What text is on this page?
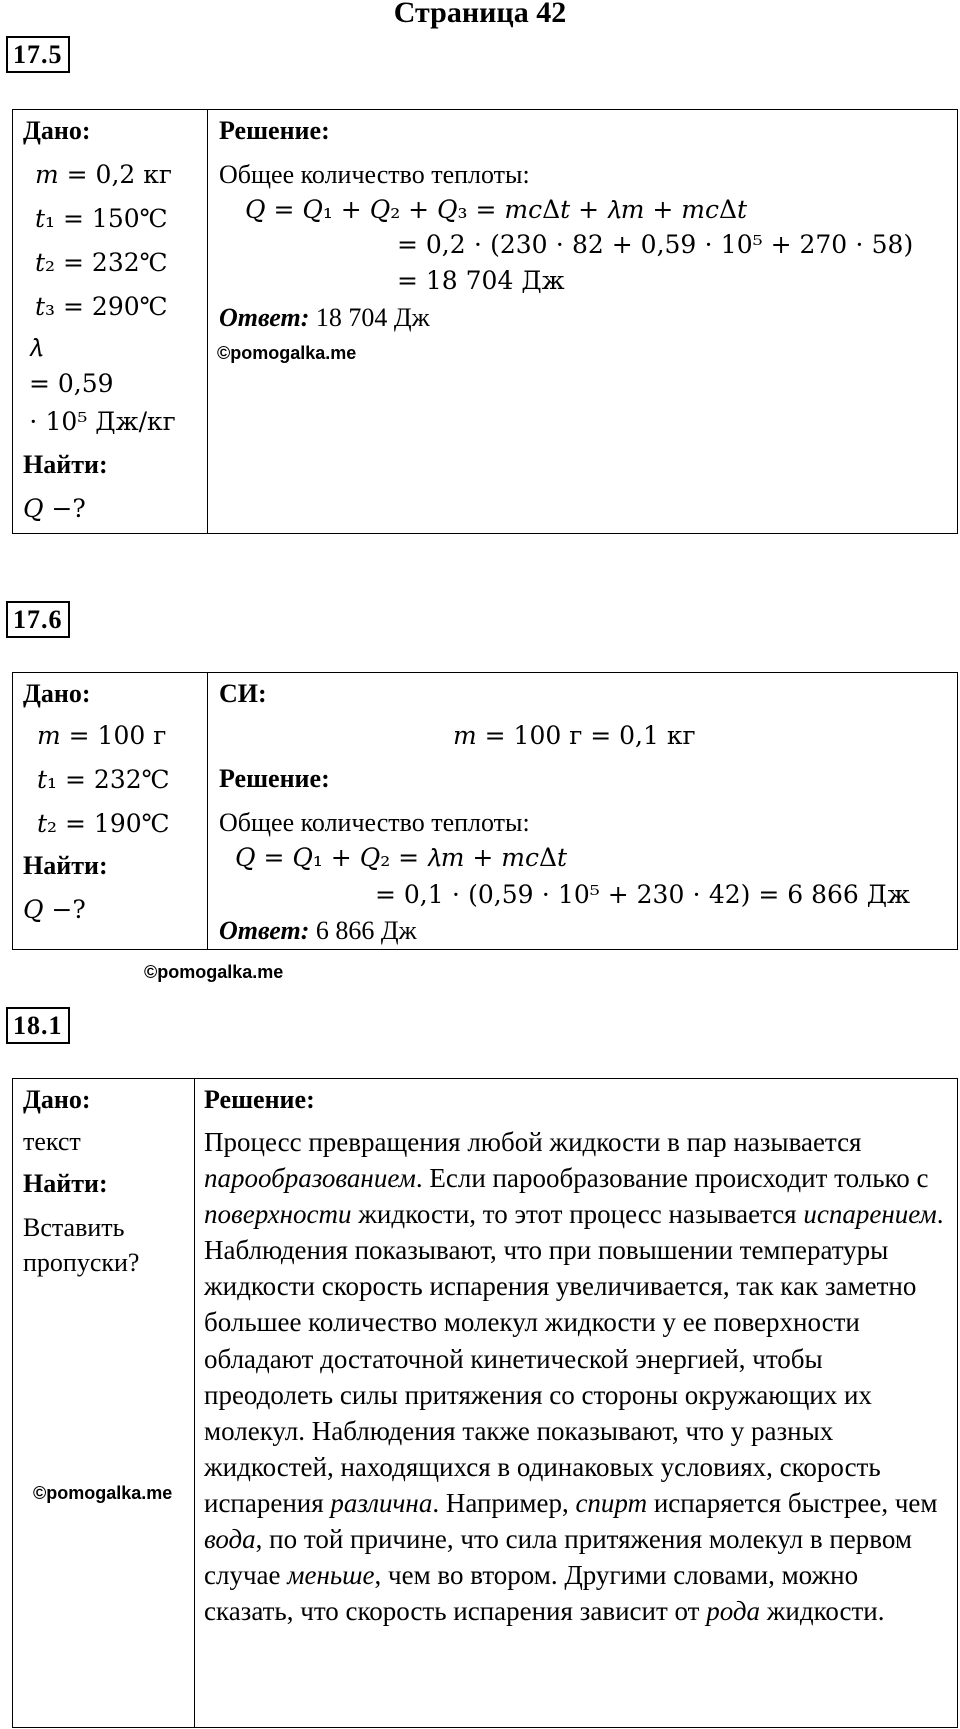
Страница 42
17.5
Дано:
𝑚 = 0,2 кг
𝑡₁ = 150℃
𝑡₂ = 232℃
𝑡₃ = 290℃
𝜆
= 0,59
⋅ 10⁵ Дж/кг
Найти:
𝑄 −?
Решение:
Общее количество теплоты:
𝑄 = 𝑄₁ + 𝑄₂ + 𝑄₃ = 𝑚𝑐Δ𝑡 + 𝜆𝑚 + 𝑚𝑐Δ𝑡
= 0,2 ⋅ (230 ⋅ 82 + 0,59 ⋅ 10⁵ + 270 ⋅ 58)
= 18 704 Дж
Ответ: 18 704 Дж
©pomogalka.me
17.6
Дано:
𝑚 = 100 г
𝑡₁ = 232℃
𝑡₂ = 190℃
Найти:
𝑄 −?
СИ:
𝑚 = 100 г = 0,1 кг
Решение:
Общее количество теплоты:
𝑄 = 𝑄₁ + 𝑄₂ = 𝜆𝑚 + 𝑚𝑐Δ𝑡
= 0,1 ⋅ (0,59 ⋅ 10⁵ + 230 ⋅ 42) = 6 866 Дж
Ответ: 6 866 Дж
©pomogalka.me
18.1
Дано:
текст
Найти:
Вставить
пропуски?
©pomogalka.me
Решение:
Процесс превращения любой жидкости в пар называется парообразованием. Если парообразование происходит только с поверхности жидкости, то этот процесс называется испарением. Наблюдения показывают, что при повышении температуры жидкости скорость испарения увеличивается, так как заметно большее количество молекул жидкости у ее поверхности обладают достаточной кинетической энергией, чтобы преодолеть силы притяжения со стороны окружающих их молекул. Наблюдения также показывают, что у разных жидкостей, находящихся в одинаковых условиях, скорость испарения различна. Например, спирт испаряется быстрее, чем вода, по той причине, что сила притяжения молекул в первом случае меньше, чем во втором. Другими словами, можно сказать, что скорость испарения зависит от рода жидкости.
